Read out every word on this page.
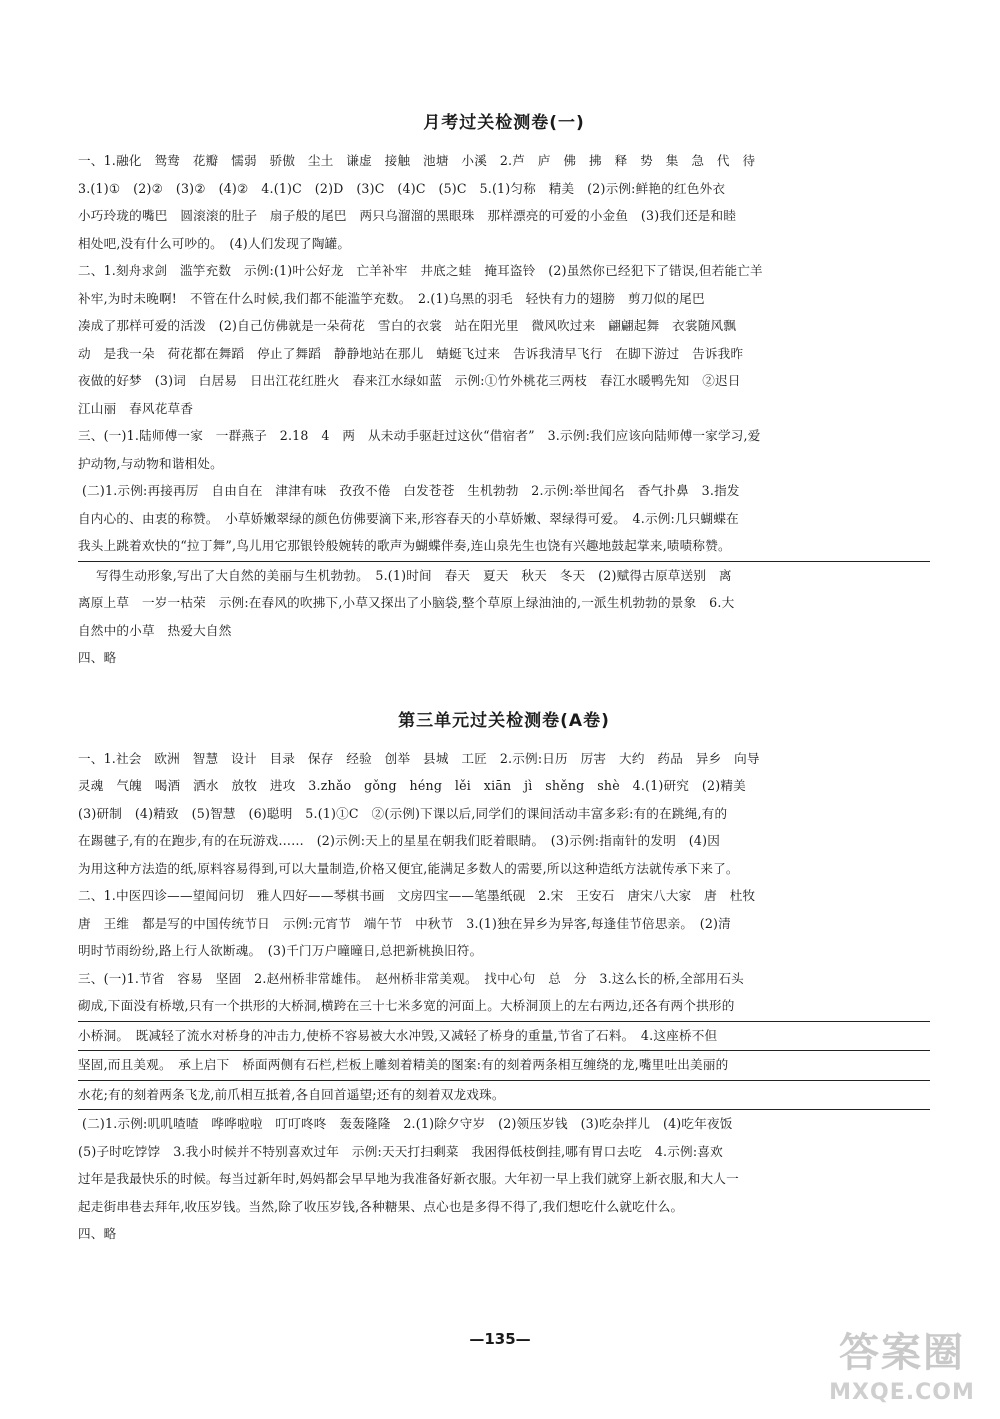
月考过关检测卷(一)
一、1.融化　鸳鸯　花瓣　懦弱　骄傲　尘土　谦虚　接触　池塘　小溪　2.芦　庐　佛　拂　释　势　集　急　代　待
3.(1)①　(2)②　(3)②　(4)②　4.(1)C　(2)D　(3)C　(4)C　(5)C　5.(1)匀称　精美　(2)示例:鲜艳的红色外衣
小巧玲珑的嘴巴　圆滚滚的肚子　扇子般的尾巴　两只乌溜溜的黑眼珠　那样漂亮的可爱的小金鱼　(3)我们还是和睦
相处吧,没有什么可吵的。　(4)人们发现了陶罐。
二、1.刻舟求剑　滥竽充数　示例:(1)叶公好龙　亡羊补牢　井底之蛙　掩耳盗铃　(2)虽然你已经犯下了错误,但若能亡羊
补牢,为时未晚啊!　不管在什么时候,我们都不能滥竽充数。　2.(1)乌黑的羽毛　轻快有力的翅膀　剪刀似的尾巴
凑成了那样可爱的活泼　(2)自己仿佛就是一朵荷花　雪白的衣裳　站在阳光里　微风吹过来　翩翩起舞　衣裳随风飘
动　是我一朵　荷花都在舞蹈　停止了舞蹈　静静地站在那儿　蜻蜓飞过来　告诉我清早飞行　在脚下游过　告诉我昨
夜做的好梦　(3)词　白居易　日出江花红胜火　春来江水绿如蓝　示例:①竹外桃花三两枝　春江水暖鸭先知　②迟日
江山丽　春风花草香
三、(一)1.陆师傅一家　一群燕子　2.18　4　两　从未动手驱赶过这伙“借宿者”　3.示例:我们应该向陆师傅一家学习,爱
护动物,与动物和谐相处。
(二)1.示例:再接再厉　自由自在　津津有味　孜孜不倦　白发苍苍　生机勃勃　2.示例:举世闻名　香气扑鼻　3.指发
自内心的、由衷的称赞。　小草娇嫩翠绿的颜色仿佛要滴下来,形容春天的小草娇嫩、翠绿得可爱。　4.示例:几只蝴蝶在
我头上跳着欢快的“拉丁舞”,鸟儿用它那银铃般婉转的歌声为蝴蝶伴奏,连山泉先生也饶有兴趣地鼓起掌来,啧啧称赞。
写得生动形象,写出了大自然的美丽与生机勃勃。　5.(1)时间　春天　夏天　秋天　冬天　(2)赋得古原草送别　离
离原上草　一岁一枯荣　示例:在春风的吹拂下,小草又探出了小脑袋,整个草原上绿油油的,一派生机勃勃的景象　6.大
自然中的小草　热爱大自然
四、略
第三单元过关检测卷(A卷)
一、1.社会　欧洲　智慧　设计　目录　保存　经验　创举　县城　工匠　2.示例:日历　厉害　大约　药品　异乡　向导
灵魂　气魄　喝酒　洒水　放牧　进攻　3.zhǎo　gǒng　héng　lěi　xiān　jì　shěng　shè　4.(1)研究　(2)精美
(3)研制　(4)精致　(5)智慧　(6)聪明　5.(1)①C　②(示例)下课以后,同学们的课间活动丰富多彩:有的在跳绳,有的
在踢毽子,有的在跑步,有的在玩游戏……　(2)示例:天上的星星在朝我们眨着眼睛。　(3)示例:指南针的发明　(4)因
为用这种方法造的纸,原料容易得到,可以大量制造,价格又便宜,能满足多数人的需要,所以这种造纸方法就传承下来了。
二、1.中医四诊——望闻问切　雅人四好——琴棋书画　文房四宝——笔墨纸砚　2.宋　王安石　唐宋八大家　唐　杜牧
唐　王维　都是写的中国传统节日　示例:元宵节　端午节　中秋节　3.(1)独在异乡为异客,每逢佳节倍思亲。　(2)清
明时节雨纷纷,路上行人欲断魂。　(3)千门万户曈曈日,总把新桃换旧符。
三、(一)1.节省　容易　坚固　2.赵州桥非常雄伟。　赵州桥非常美观。　找中心句　总　分　3.这么长的桥,全部用石头
砌成,下面没有桥墩,只有一个拱形的大桥洞,横跨在三十七米多宽的河面上。大桥洞顶上的左右两边,还各有两个拱形的
小桥洞。　既减轻了流水对桥身的冲击力,使桥不容易被大水冲毁,又减轻了桥身的重量,节省了石料。　4.这座桥不但
坚固,而且美观。　承上启下　桥面两侧有石栏,栏板上雕刻着精美的图案:有的刻着两条相互缠绕的龙,嘴里吐出美丽的
水花;有的刻着两条飞龙,前爪相互抵着,各自回首遥望;还有的刻着双龙戏珠。
(二)1.示例:叽叽喳喳　哗哗啦啦　叮叮咚咚　轰轰隆隆　2.(1)除夕守岁　(2)领压岁钱　(3)吃杂拌儿　(4)吃年夜饭
(5)子时吃饽饽　3.我小时候并不特别喜欢过年　示例:天天打扫剩菜　我困得低枝倒挂,哪有胃口去吃　4.示例:喜欢
过年是我最快乐的时候。每当过新年时,妈妈都会早早地为我准备好新衣服。大年初一早上我们就穿上新衣服,和大人一
起走街串巷去拜年,收压岁钱。当然,除了收压岁钱,各种糖果、点心也是多得不得了,我们想吃什么就吃什么。
四、略
—135—	答案圈
MXQE.COM
